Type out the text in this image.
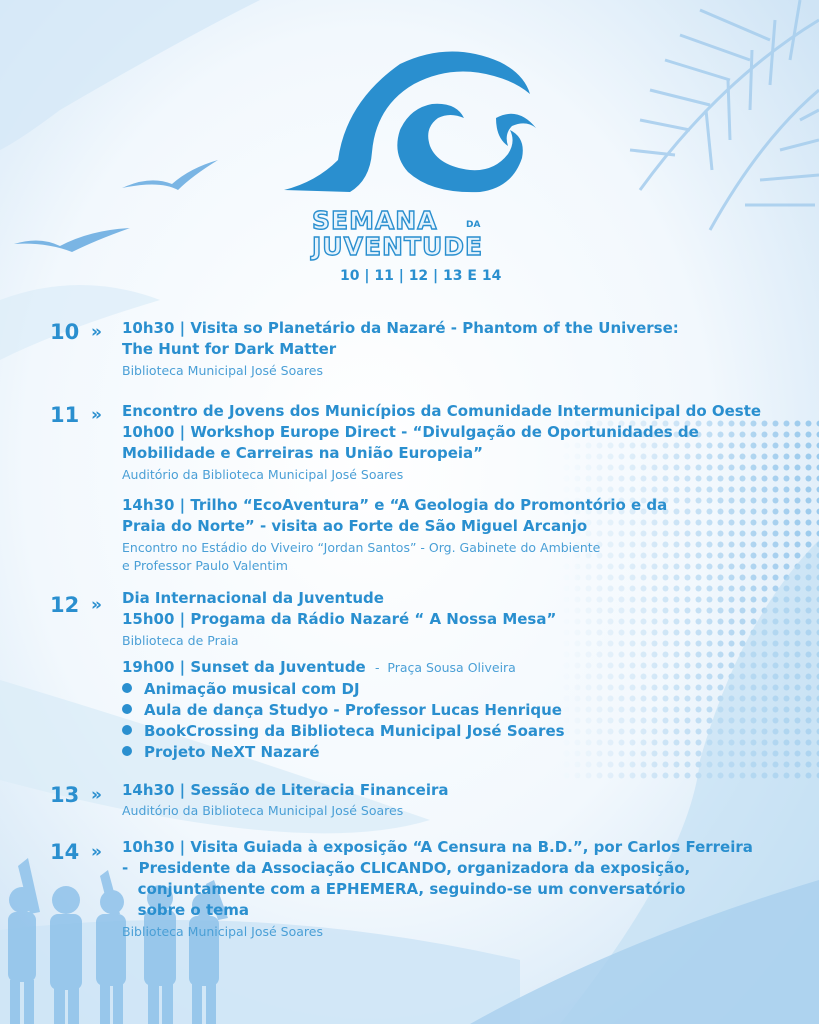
SEMANA	DA
JUVENTUDE
10 | 11 | 12 | 13 E 14
10 » 10h30 | Visita so Planetário da Nazaré - Phantom of the Universe:
The Hunt for Dark Matter
Biblioteca Municipal José Soares
11 » Encontro de Jovens dos Municípios da Comunidade Intermunicipal do Oeste
10h00 | Workshop Europe Direct - “Divulgação de Oportunidades de
Mobilidade e Carreiras na União Europeia”
Auditório da Biblioteca Municipal José Soares
14h30 | Trilho “EcoAventura” e “A Geologia do Promontório e da
Praia do Norte” - visita ao Forte de São Miguel Arcanjo
Encontro no Estádio do Viveiro “Jordan Santos” - Org. Gabinete do Ambiente
e Professor Paulo Valentim
12 » Dia Internacional da Juventude
15h00 | Progama da Rádio Nazaré “ A Nossa Mesa”
Biblioteca de Praia
19h00 | Sunset da Juventude  -  Praça Sousa Oliveira
Animação musical com DJ
Aula de dança Studyo - Professor Lucas Henrique
BookCrossing da Biblioteca Municipal José Soares
Projeto NeXT Nazaré
13 » 14h30 | Sessão de Literacia Financeira
Auditório da Biblioteca Municipal José Soares
14 » 10h30 | Visita Guiada à exposição “A Censura na B.D.”, por Carlos Ferreira
-  Presidente da Associação CLICANDO, organizadora da exposição,
conjuntamente com a EPHEMERA, seguindo-se um conversatório
sobre o tema
Biblioteca Municipal José Soares
